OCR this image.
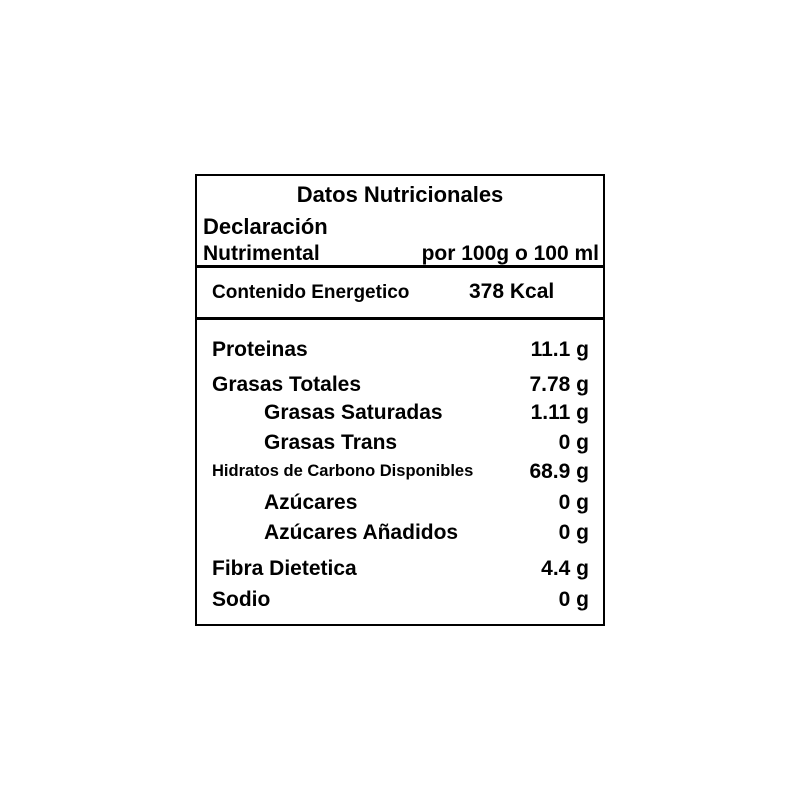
Datos Nutricionales
Declaración
Nutrimental	por 100g o 100 ml
Contenido Energetico	378 Kcal
Proteinas	11.1 g
Grasas Totales	7.78 g
Grasas Saturadas	1.11 g
Grasas Trans	0 g
Hidratos de Carbono Disponibles	68.9 g
Azúcares	0 g
Azúcares Añadidos	0 g
Fibra Dietetica	4.4 g
Sodio	0 g
